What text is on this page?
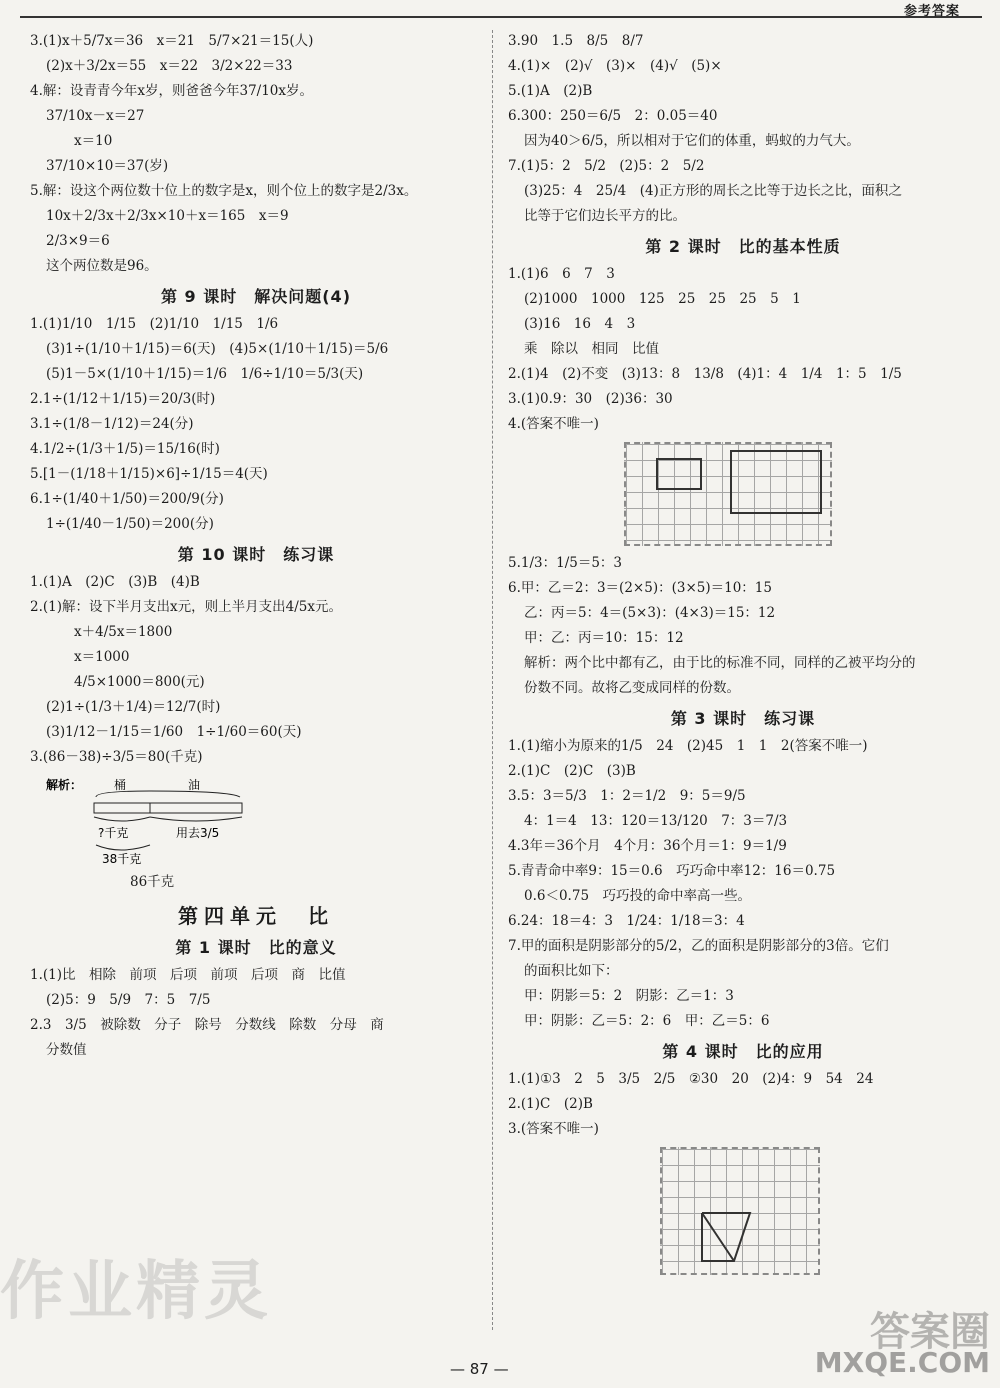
参考答案
3.(1)x＋5/7x＝36　x＝21　5/7×21＝15(人)
(2)x＋3/2x＝55　x＝22　3/2×22＝33
4.解：设青青今年x岁，则爸爸今年37/10x岁。
37/10x－x＝27
x＝10
37/10×10＝37(岁)
5.解：设这个两位数十位上的数字是x，则个位上的数字是2/3x。
10x＋2/3x＋2/3x×10＋x＝165　x＝9
2/3×9＝6
这个两位数是96。
第 9 课时　解决问题(4)
1.(1)1/10　1/15　(2)1/10　1/15　1/6
(3)1÷(1/10＋1/15)＝6(天)　(4)5×(1/10＋1/15)＝5/6
(5)1－5×(1/10＋1/15)＝1/6　1/6÷1/10＝5/3(天)
2.1÷(1/12＋1/15)＝20/3(时)
3.1÷(1/8－1/12)＝24(分)
4.1/2÷(1/3＋1/5)＝15/16(时)
5.[1－(1/18＋1/15)×6]÷1/15＝4(天)
6.1÷(1/40＋1/50)＝200/9(分)
1÷(1/40－1/50)＝200(分)
第 10 课时　练习课
1.(1)A　(2)C　(3)B　(4)B
2.(1)解：设下半月支出x元，则上半月支出4/5x元。
x＋4/5x＝1800
x＝1000
4/5×1000＝800(元)
(2)1÷(1/3＋1/4)＝12/7(时)
(3)1/12－1/15＝1/60　1÷1/60＝60(天)
3.(86－38)÷3/5＝80(千克)
解析：	桶	油
?千克	用去3/5
38千克
86千克
第四单元　比
第 1 课时　比的意义
1.(1)比　相除　前项　后项　前项　后项　商　比值
(2)5：9　5/9　7：5　7/5
2.3　3/5　被除数　分子　除号　分数线　除数　分母　商
分数值
3.90　1.5　8/5　8/7
4.(1)×　(2)√　(3)×　(4)√　(5)×
5.(1)A　(2)B
6.300：250＝6/5　2：0.05＝40
因为40＞6/5，所以相对于它们的体重，蚂蚁的力气大。
7.(1)5：2　5/2　(2)5：2　5/2
(3)25：4　25/4　(4)正方形的周长之比等于边长之比，面积之
比等于它们边长平方的比。
第 2 课时　比的基本性质
1.(1)6　6　7　3
(2)1000　1000　125　25　25　25　5　1
(3)16　16　4　3
乘　除以　相同　比值
2.(1)4　(2)不变　(3)13：8　13/8　(4)1：4　1/4　1：5　1/5
3.(1)0.9：30　(2)36：30
4.(答案不唯一)
5.1/3：1/5＝5：3
6.甲：乙＝2：3＝(2×5)：(3×5)＝10：15
乙：丙＝5：4＝(5×3)：(4×3)＝15：12
甲：乙：丙＝10：15：12
解析：两个比中都有乙，由于比的标准不同，同样的乙被平均分的
份数不同。故将乙变成同样的份数。
第 3 课时　练习课
1.(1)缩小为原来的1/5　24　(2)45　1　1　2(答案不唯一)
2.(1)C　(2)C　(3)B
3.5：3＝5/3　1：2＝1/2　9：5＝9/5
4：1＝4　13：120＝13/120　7：3＝7/3
4.3年＝36个月　4个月：36个月＝1：9＝1/9
5.青青命中率9：15＝0.6　巧巧命中率12：16＝0.75
0.6＜0.75　巧巧投的命中率高一些。
6.24：18＝4：3　1/24：1/18＝3：4
7.甲的面积是阴影部分的5/2，乙的面积是阴影部分的3倍。它们
的面积比如下：
甲：阴影＝5：2　阴影：乙＝1：3
甲：阴影：乙＝5：2：6　甲：乙＝5：6
第 4 课时　比的应用
1.(1)①3　2　5　3/5　2/5　②30　20　(2)4：9　54　24
2.(1)C　(2)B
3.(答案不唯一)
作业精灵
答案圈
MXQE.COM
— 87 —
